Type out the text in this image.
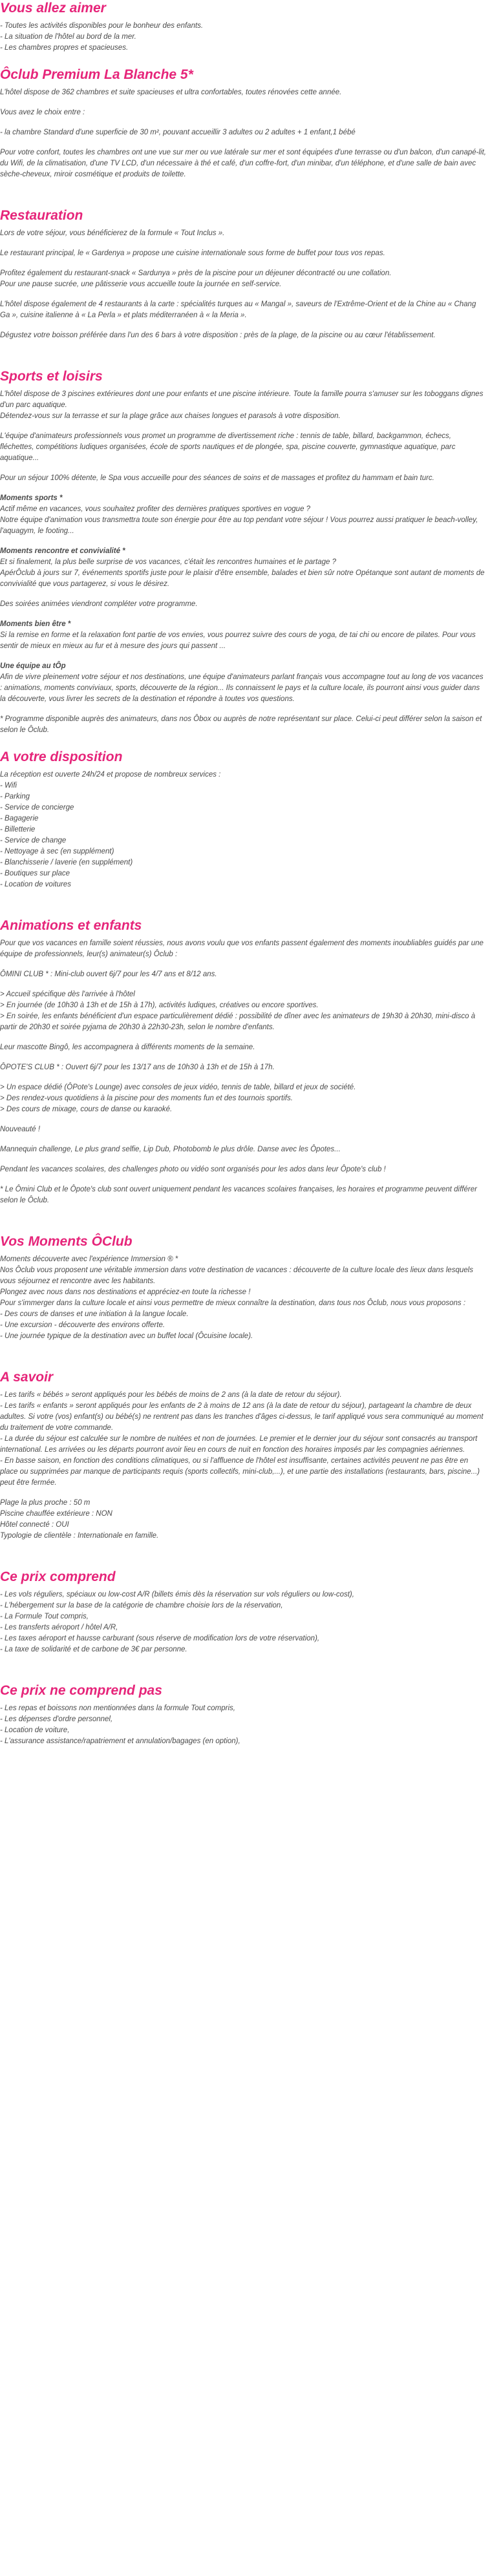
Vous allez aimer
- Toutes les activités disponibles pour le bonheur des enfants.
- La situation de l'hôtel au bord de la mer.
- Les chambres propres et spacieuses.
Ôclub Premium La Blanche 5*

L'hôtel dispose de 362 chambres et suite spacieuses et ultra confortables, toutes rénovées cette année.

Vous avez le choix entre :

- la chambre Standard d'une superficie de 30 m², pouvant accueillir 3 adultes ou 2 adultes + 1 enfant,1 bébé

Pour votre confort, toutes les chambres ont une vue sur mer ou vue latérale sur mer et sont équipées d'une terrasse ou d'un balcon, d'un canapé-lit, du Wifi, de la climatisation, d'une TV LCD, d'un nécessaire à thé et café, d'un coffre-fort, d'un minibar, d'un téléphone, et d'une salle de bain avec sèche-cheveux, miroir cosmétique et produits de toilette.

Restauration

Lors de votre séjour, vous bénéficierez de la formule « Tout Inclus ».

Le restaurant principal, le « Gardenya » propose une cuisine internationale sous forme de buffet pour tous vos repas.

Profitez également du restaurant-snack « Sardunya » près de la piscine pour un déjeuner décontracté ou une collation.
Pour une pause sucrée, une pâtisserie vous accueille toute la journée en self-service.

L'hôtel dispose également de 4 restaurants à la carte : spécialités turques au « Mangal », saveurs de l'Extrême-Orient et de la Chine au « Chang Ga », cuisine italienne à « La Perla » et plats méditerranéen à « la Meria ».

Dégustez votre boisson préférée dans l'un des 6 bars à votre disposition : près de la plage, de la piscine ou au cœur l'établissement.

Sports et loisirs

L'hôtel dispose de 3 piscines extérieures dont une pour enfants et une piscine intérieure. Toute la famille pourra s'amuser sur les toboggans dignes d'un parc aquatique.
Détendez-vous sur la terrasse et sur la plage grâce aux chaises longues et parasols à votre disposition.

L'équipe d'animateurs professionnels vous promet un programme de divertissement riche : tennis de table, billard, backgammon, échecs, fléchettes, compétitions ludiques organisées, école de sports nautiques et de plongée, spa, piscine couverte, gymnastique aquatique, parc aquatique...

Pour un séjour 100% détente, le Spa vous accueille pour des séances de soins et de massages et profitez du hammam et bain turc.

Moments sports *
Actif même en vacances, vous souhaitez profiter des dernières pratiques sportives en vogue ?
Notre équipe d'animation vous transmettra toute son énergie pour être au top pendant votre séjour ! Vous pourrez aussi pratiquer le beach-volley, l'aquagym, le footing...

Moments rencontre et convivialité *
Et si finalement, la plus belle surprise de vos vacances, c'était les rencontres humaines et le partage ?
ApérÔclub à jours sur 7, événements sportifs juste pour le plaisir d'être ensemble, balades et bien sûr notre Opétanque sont autant de moments de convivialité que vous partagerez, si vous le désirez.

Des soirées animées viendront compléter votre programme.

Moments bien être *
Si la remise en forme et la relaxation font partie de vos envies, vous pourrez suivre des cours de yoga, de tai chi ou encore de pilates. Pour vous sentir de mieux en mieux au fur et à mesure des jours qui passent ...

Une équipe au tÔp
Afin de vivre pleinement votre séjour et nos destinations, une équipe d'animateurs parlant français vous accompagne tout au long de vos vacances : animations, moments conviviaux, sports, découverte de la région... Ils connaissent le pays et la culture locale, ils pourront ainsi vous guider dans la découverte, vous livrer les secrets de la destination et répondre à toutes vos questions.

* Programme disponible auprès des animateurs, dans nos Ôbox ou auprès de notre représentant sur place. Celui-ci peut différer selon la saison et selon le Ôclub.

A votre disposition
La réception est ouverte 24h/24 et propose de nombreux services :
- Wifi
- Parking
- Service de concierge
- Bagagerie
- Billetterie
- Service de change
- Nettoyage à sec (en supplément)
- Blanchisserie / laverie (en supplément)
- Boutiques sur place
- Location de voitures
Animations et enfants

Pour que vos vacances en famille soient réussies, nous avons voulu que vos enfants passent également des moments inoubliables guidés par une équipe de professionnels, leur(s) animateur(s) Ôclub :

ÔMINI CLUB * : Mini-club ouvert 6j/7 pour les 4/7 ans et 8/12 ans.

> Accueil spécifique dès l'arrivée à l'hôtel
> En journée (de 10h30 à 13h et de 15h à 17h), activités ludiques, créatives ou encore sportives.
> En soirée, les enfants bénéficient d'un espace particulièrement dédié : possibilité de dîner avec les animateurs de 19h30 à 20h30, mini-disco à partir de 20h30 et soirée pyjama de 20h30 à 22h30-23h, selon le nombre d'enfants.

Leur mascotte Bingô, les accompagnera à différents moments de la semaine.

ÔPOTE'S CLUB * : Ouvert 6j/7 pour les 13/17 ans de 10h30 à 13h et de 15h à 17h.

> Un espace dédié (ÔPote's Lounge) avec consoles de jeux vidéo, tennis de table, billard et jeux de société.
> Des rendez-vous quotidiens à la piscine pour des moments fun et des tournois sportifs.
> Des cours de mixage, cours de danse ou karaoké.

Nouveauté !

Mannequin challenge, Le plus grand selfie, Lip Dub, Photobomb le plus drôle. Danse avec les Ôpotes...

Pendant les vacances scolaires, des challenges photo ou vidéo sont organisés pour les ados dans leur Ôpote's club !

* Le Ômini Club et le Ôpote's club sont ouvert uniquement pendant les vacances scolaires françaises, les horaires et programme peuvent différer selon le Ôclub.

Vos Moments ÔClub
Moments découverte avec l'expérience Immersion ® *
Nos Ôclub vous proposent une véritable immersion dans votre destination de vacances : découverte de la culture locale des lieux dans lesquels vous séjournez et rencontre avec les habitants.
Plongez avec nous dans nos destinations et appréciez-en toute la richesse !
Pour s'immerger dans la culture locale et ainsi vous permettre de mieux connaître la destination, dans tous nos Ôclub, nous vous proposons :
- Des cours de danses et une initiation à la langue locale.
- Une excursion - découverte des environs offerte.
- Une journée typique de la destination avec un buffet local (Ôcuisine locale).
A savoir

- Les tarifs « bébés » seront appliqués pour les bébés de moins de 2 ans (à la date de retour du séjour).
- Les tarifs « enfants » seront appliqués pour les enfants de 2 à moins de 12 ans (à la date de retour du séjour), partageant la chambre de deux adultes. Si votre (vos) enfant(s) ou bébé(s) ne rentrent pas dans les tranches d'âges ci-dessus, le tarif appliqué vous sera communiqué au moment du traitement de votre commande.
- La durée du séjour est calculée sur le nombre de nuitées et non de journées. Le premier et le dernier jour du séjour sont consacrés au transport international. Les arrivées ou les départs pourront avoir lieu en cours de nuit en fonction des horaires imposés par les compagnies aériennes.
- En basse saison, en fonction des conditions climatiques, ou si l'affluence de l'hôtel est insuffisante, certaines activités peuvent ne pas être en place ou supprimées par manque de participants requis (sports collectifs, mini-club,...), et une partie des installations (restaurants, bars, piscine...) peut être fermée.

Plage la plus proche : 50 m
Piscine chauffée extérieure : NON
Hôtel connecté : OUI
Typologie de clientèle : Internationale en famille.

Ce prix comprend
- Les vols réguliers, spéciaux ou low-cost A/R (billets émis dès la réservation sur vols réguliers ou low-cost),
- L'hébergement sur la base de la catégorie de chambre choisie lors de la réservation,
- La Formule Tout compris,
- Les transferts aéroport / hôtel A/R,
- Les taxes aéroport et hausse carburant (sous réserve de modification lors de votre réservation),
- La taxe de solidarité et de carbone de 3€ par personne.
Ce prix ne comprend pas
- Les repas et boissons non mentionnées dans la formule Tout compris,
- Les dépenses d'ordre personnel,
- Location de voiture,
- L'assurance assistance/rapatriement et annulation/bagages (en option),
